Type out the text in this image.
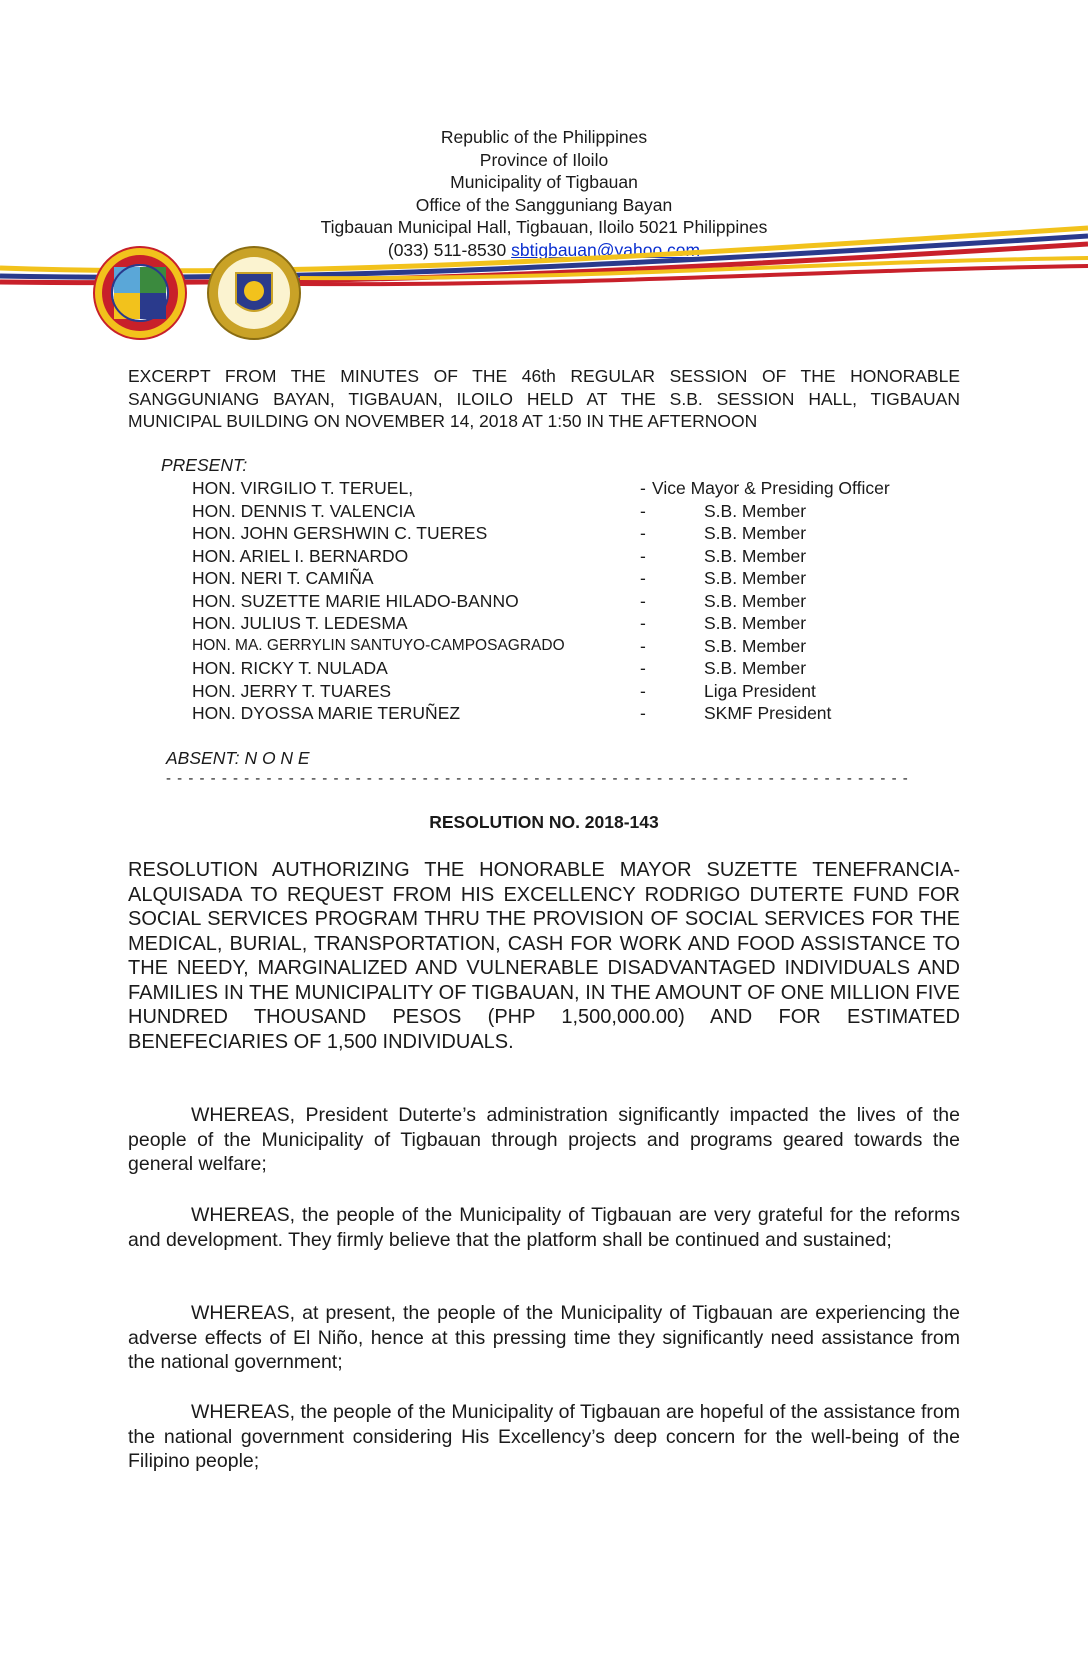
Republic of the Philippines
Province of Iloilo
Municipality of Tigbauan
Office of the Sangguniang Bayan
Tigbauan Municipal Hall, Tigbauan, Iloilo 5021 Philippines
(033) 511-8530 sbtigbauan@yahoo.com
EXCERPT FROM THE MINUTES OF THE 46th REGULAR SESSION OF THE HONORABLE SANGGUNIANG BAYAN, TIGBAUAN, ILOILO HELD AT THE S.B. SESSION HALL, TIGBAUAN MUNICIPAL BUILDING ON NOVEMBER 14, 2018 AT 1:50 IN THE AFTERNOON
PRESENT:
HON. VIRGILIO T. TERUEL,	- Vice Mayor & Presiding Officer
HON. DENNIS T. VALENCIA	-	S.B. Member
HON. JOHN GERSHWIN C. TUERES	-	S.B. Member
HON. ARIEL I. BERNARDO	-	S.B. Member
HON. NERI T. CAMIÑA	-	S.B. Member
HON. SUZETTE MARIE HILADO-BANNO	-	S.B. Member
HON. JULIUS T. LEDESMA	-	S.B. Member
HON. MA. GERRYLIN SANTUYO-CAMPOSAGRADO	-	S.B. Member
HON. RICKY T. NULADA	-	S.B. Member
HON. JERRY T. TUARES	-	Liga President
HON. DYOSSA MARIE TERUÑEZ	-	SKMF President
ABSENT: N O N E
- - - - - - - - - - - - - - - - - - - - - - - - - - - - - - - - - - - - - - - - - - - - - - - - - - - - - - - - - - - - - - - - - - -
RESOLUTION NO. 2018-143
RESOLUTION AUTHORIZING THE HONORABLE MAYOR SUZETTE TENEFRANCIA-ALQUISADA TO REQUEST FROM HIS EXCELLENCY RODRIGO DUTERTE FUND FOR SOCIAL SERVICES PROGRAM THRU THE PROVISION OF SOCIAL SERVICES FOR THE MEDICAL, BURIAL, TRANSPORTATION, CASH FOR WORK AND FOOD ASSISTANCE TO THE NEEDY, MARGINALIZED AND VULNERABLE DISADVANTAGED INDIVIDUALS AND FAMILIES IN THE MUNICIPALITY OF TIGBAUAN, IN THE AMOUNT OF ONE MILLION FIVE HUNDRED THOUSAND PESOS (PHP 1,500,000.00) AND FOR ESTIMATED BENEFECIARIES OF 1,500 INDIVIDUALS.
WHEREAS, President Duterte’s administration significantly impacted the lives of the people of the Municipality of Tigbauan through projects and programs geared towards the general welfare;
WHEREAS, the people of the Municipality of Tigbauan are very grateful for the reforms and development. They firmly believe that the platform shall be continued and sustained;
WHEREAS, at present, the people of the Municipality of Tigbauan are experiencing the adverse effects of El Niño, hence at this pressing time they significantly need assistance from the national government;
WHEREAS, the people of the Municipality of Tigbauan are hopeful of the assistance from the national government considering His Excellency’s deep concern for the well-being of the Filipino people;
